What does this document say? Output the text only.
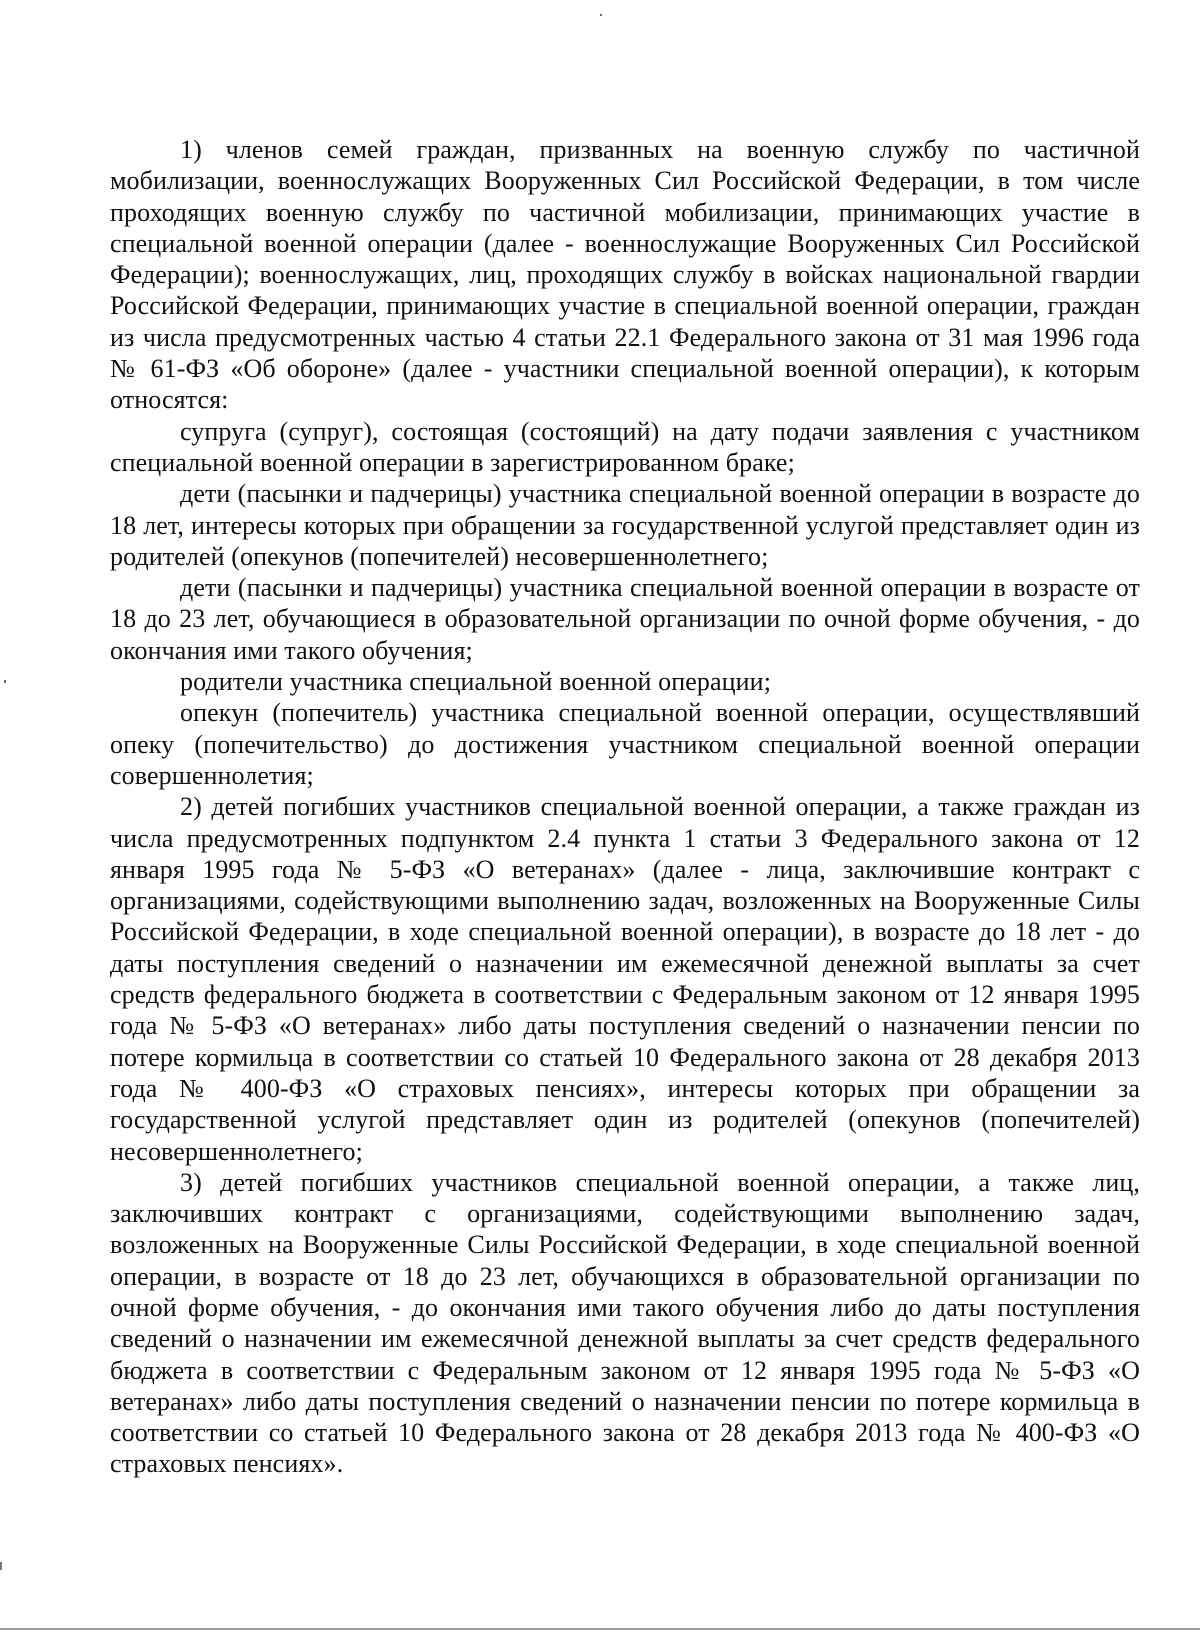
1) членов семей граждан, призванных на военную службу по частичной мобилизации, военнослужащих Вооруженных Сил Российской Федерации, в том числе проходящих военную службу по частичной мобилизации, принимающих участие в специальной военной операции (далее - военнослужащие Вооруженных Сил Российской Федерации); военнослужащих, лиц, проходящих службу в войсках национальной гвардии Российской Федерации, принимающих участие в специальной военной операции, граждан из числа предусмотренных частью 4 статьи 22.1 Федерального закона от 31 мая 1996 года № 61-ФЗ «Об обороне» (далее - участники специальной военной операции), к которым относятся:

супруга (супруг), состоящая (состоящий) на дату подачи заявления с участником специальной военной операции в зарегистрированном браке;

дети (пасынки и падчерицы) участника специальной военной операции в возрасте до 18 лет, интересы которых при обращении за государственной услугой представляет один из родителей (опекунов (попечителей) несовершеннолетнего;

дети (пасынки и падчерицы) участника специальной военной операции в возрасте от 18 до 23 лет, обучающиеся в образовательной организации по очной форме обучения, - до окончания ими такого обучения;

родители участника специальной военной операции;

опекун (попечитель) участника специальной военной операции, осуществлявший опеку (попечительство) до достижения участником специальной военной операции совершеннолетия;

2) детей погибших участников специальной военной операции, а также граждан из числа предусмотренных подпунктом 2.4 пункта 1 статьи 3 Федерального закона от 12 января 1995 года № 5-ФЗ «О ветеранах» (далее - лица, заключившие контракт с организациями, содействующими выполнению задач, возложенных на Вооруженные Силы Российской Федерации, в ходе специальной военной операции), в возрасте до 18 лет - до даты поступления сведений о назначении им ежемесячной денежной выплаты за счет средств федерального бюджета в соответствии с Федеральным законом от 12 января 1995 года № 5-ФЗ «О ветеранах» либо даты поступления сведений о назначении пенсии по потере кормильца в соответствии со статьей 10 Федерального закона от 28 декабря 2013 года № 400-ФЗ «О страховых пенсиях», интересы которых при обращении за государственной услугой представляет один из родителей (опекунов (попечителей) несовершеннолетнего;

3) детей погибших участников специальной военной операции, а также лиц, заключивших контракт с организациями, содействующими выполнению задач, возложенных на Вооруженные Силы Российской Федерации, в ходе специальной военной операции, в возрасте от 18 до 23 лет, обучающихся в образовательной организации по очной форме обучения, - до окончания ими такого обучения либо до даты поступления сведений о назначении им ежемесячной денежной выплаты за счет средств федерального бюджета в соответствии с Федеральным законом от 12 января 1995 года № 5-ФЗ «О ветеранах» либо даты поступления сведений о назначении пенсии по потере кормильца в соответствии со статьей 10 Федерального закона от 28 декабря 2013 года № 400-ФЗ «О страховых пенсиях».
